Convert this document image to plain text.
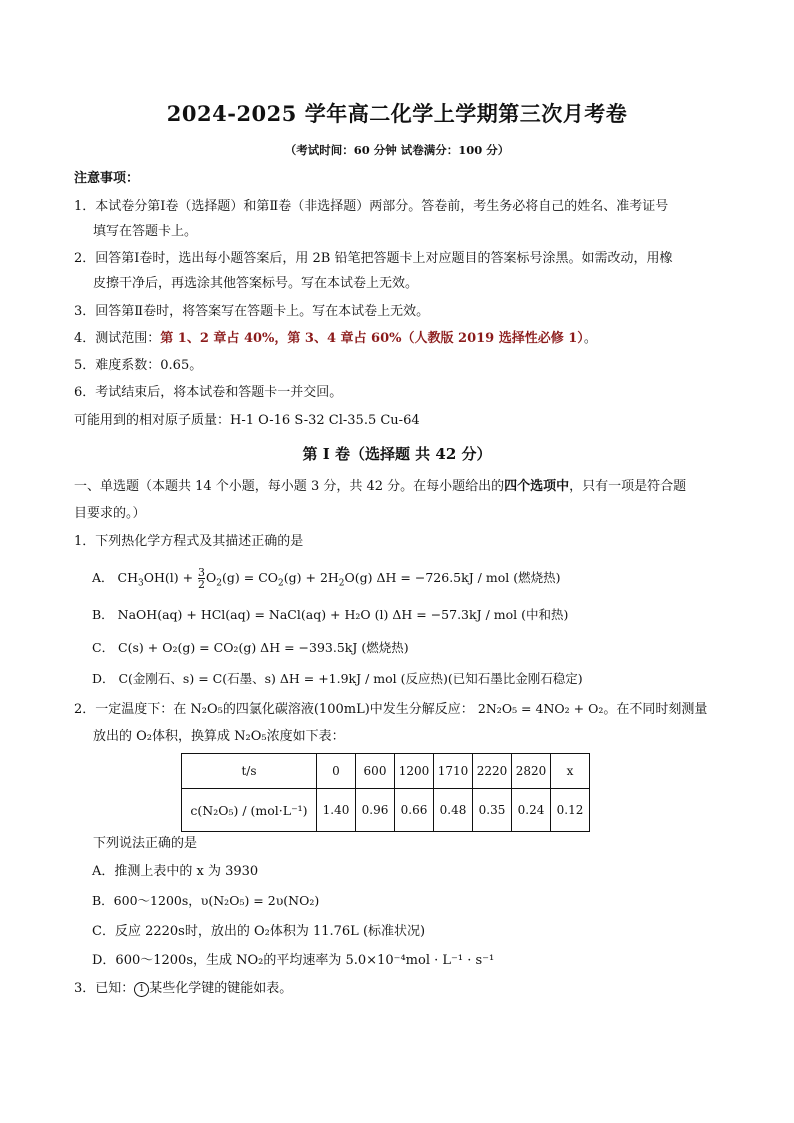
2024-2025 学年高二化学上学期第三次月考卷
（考试时间：60 分钟 试卷满分：100 分）
注意事项：
1．本试卷分第Ⅰ卷（选择题）和第Ⅱ卷（非选择题）两部分。答卷前，考生务必将自己的姓名、准考证号
填写在答题卡上。
2．回答第Ⅰ卷时，选出每小题答案后，用 2B 铅笔把答题卡上对应题目的答案标号涂黑。如需改动，用橡
皮擦干净后，再选涂其他答案标号。写在本试卷上无效。
3．回答第Ⅱ卷时，将答案写在答题卡上。写在本试卷上无效。
4．测试范围：第 1、2 章占 40%，第 3、4 章占 60%（人教版 2019 选择性必修 1）。
5．难度系数：0.65。
6．考试结束后，将本试卷和答题卡一并交回。
可能用到的相对原子质量：H-1 O-16 S-32 Cl-35.5 Cu-64
第 I 卷（选择题 共 42 分）
一、单选题（本题共 14 个小题，每小题 3 分，共 42 分。在每小题给出的四个选项中，只有一项是符合题
目要求的。）
1．下列热化学方程式及其描述正确的是
A． $CH_3OH(l) + \frac{3}{2} O_2(g) = CO_2(g) + 2H_2O(g) \Delta H = -726.5kJ$ / mol (燃烧热)
B． NaOH(aq) + HCl(aq) = NaCl(aq) + H₂O (l) ΔH = −57.3kJ / mol (中和热)
C． C(s) + O₂(g) = CO₂(g) ΔH = −393.5kJ (燃烧热)
D． C(金刚石、s) = C(石墨、s) ΔH = +1.9kJ / mol (反应热)(已知石墨比金刚石稳定)
2．一定温度下：在 N₂O₅的四氯化碳溶液(100mL)中发生分解反应： 2N₂O₅ = 4NO₂ + O₂。在不同时刻测量
放出的 O₂体积，换算成 N₂O₅浓度如下表：
t/s	0	600	1200	1710	2220	2820	x
c(N₂O₅) / (mol·L⁻¹)	1.40	0.96	0.66	0.48	0.35	0.24	0.12
下列说法正确的是
A．推测上表中的 x 为 3930
B．600～1200s，υ(N₂O₅) = 2υ(NO₂)
C．反应 2220s时，放出的 O₂体积为 11.76L (标准状况)
D．600～1200s，生成 NO₂的平均速率为 5.0×10⁻⁴mol · L⁻¹ · s⁻¹
3．已知： 1 某些化学键的键能如表。
